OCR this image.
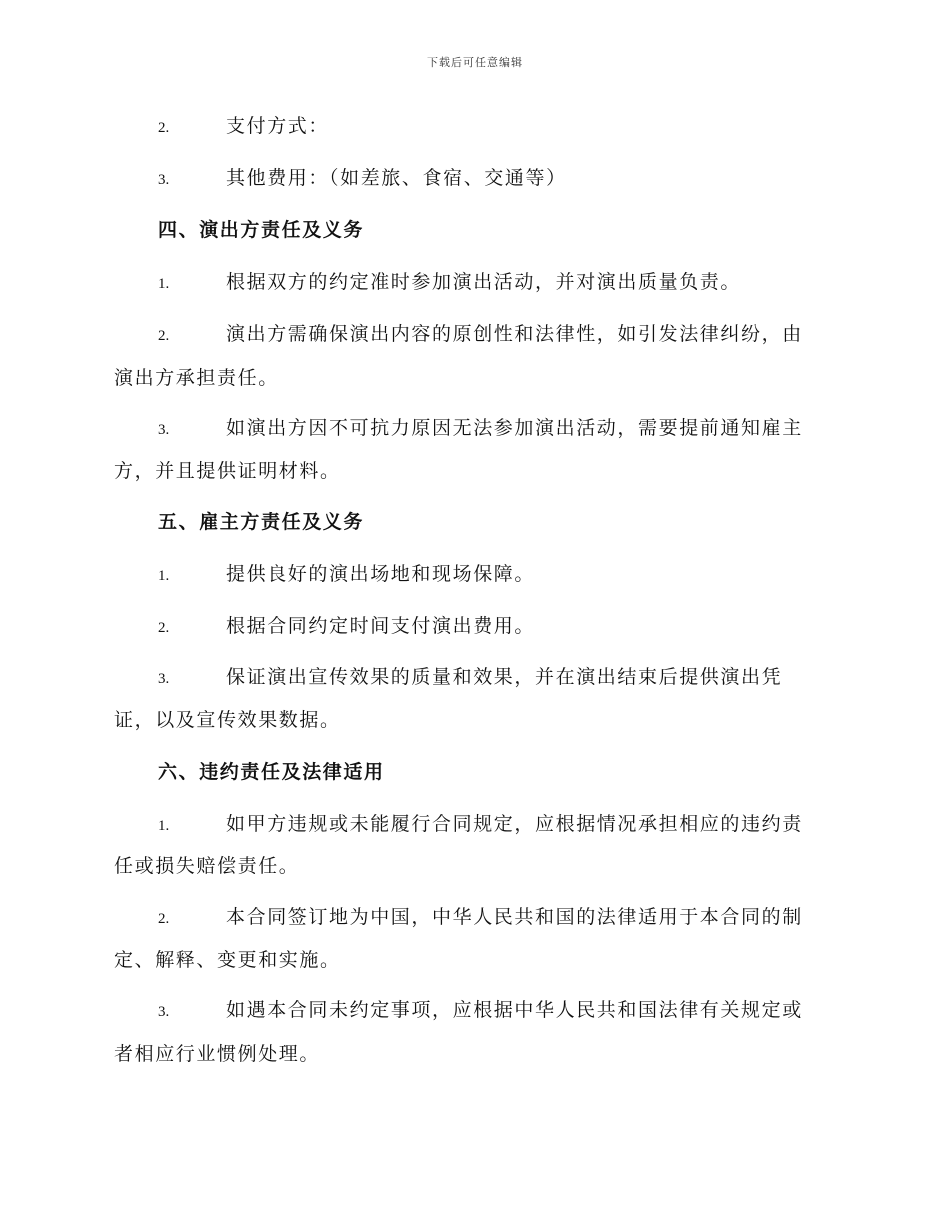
下载后可任意编辑
2.	支付方式：
3.	其他费用：（如差旅、食宿、交通等）
四、演出方责任及义务
1.	根据双方的约定准时参加演出活动，并对演出质量负责。
2.	演出方需确保演出内容的原创性和法律性，如引发法律纠纷，由
演出方承担责任。
3.	如演出方因不可抗力原因无法参加演出活动，需要提前通知雇主
方，并且提供证明材料。
五、雇主方责任及义务
1.	提供良好的演出场地和现场保障。
2.	根据合同约定时间支付演出费用。
3.	保证演出宣传效果的质量和效果，并在演出结束后提供演出凭
证，以及宣传效果数据。
六、违约责任及法律适用
1.	如甲方违规或未能履行合同规定，应根据情况承担相应的违约责
任或损失赔偿责任。
2.	本合同签订地为中国，中华人民共和国的法律适用于本合同的制
定、解释、变更和实施。
3.	如遇本合同未约定事项，应根据中华人民共和国法律有关规定或
者相应行业惯例处理。
